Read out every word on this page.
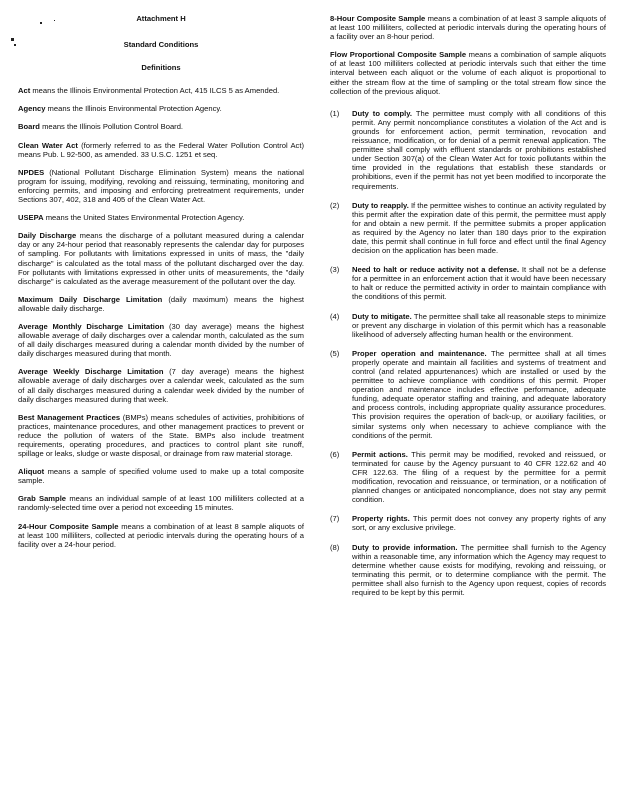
Attachment H
Standard Conditions
Definitions

Act means the Illinois Environmental Protection Act, 415 ILCS 5 as Amended.

Agency means the Illinois Environmental Protection Agency.

Board means the Illinois Pollution Control Board.

Clean Water Act (formerly referred to as the Federal Water Pollution Control Act) means Pub. L 92-500, as amended. 33 U.S.C. 1251 et seq.

NPDES (National Pollutant Discharge Elimination System) means the national program for issuing, modifying, revoking and reissuing, terminating, monitoring and enforcing permits, and imposing and enforcing pretreatment requirements, under Sections 307, 402, 318 and 405 of the Clean Water Act.

USEPA means the United States Environmental Protection Agency.

Daily Discharge means the discharge of a pollutant measured during a calendar day or any 24-hour period that reasonably represents the calendar day for purposes of sampling. For pollutants with limitations expressed in units of mass, the "daily discharge" is calculated as the total mass of the pollutant discharged over the day. For pollutants with limitations expressed in other units of measurements, the "daily discharge" is calculated as the average measurement of the pollutant over the day.

Maximum Daily Discharge Limitation (daily maximum) means the highest allowable daily discharge.

Average Monthly Discharge Limitation (30 day average) means the highest allowable average of daily discharges over a calendar month, calculated as the sum of all daily discharges measured during a calendar month divided by the number of daily discharges measured during that month.

Average Weekly Discharge Limitation (7 day average) means the highest allowable average of daily discharges over a calendar week, calculated as the sum of all daily discharges measured during a calendar week divided by the number of daily discharges measured during that week.

Best Management Practices (BMPs) means schedules of activities, prohibitions of practices, maintenance procedures, and other management practices to prevent or reduce the pollution of waters of the State. BMPs also include treatment requirements, operating procedures, and practices to control plant site runoff, spillage or leaks, sludge or waste disposal, or drainage from raw material storage.

Aliquot means a sample of specified volume used to make up a total composite sample.

Grab Sample means an individual sample of at least 100 milliliters collected at a randomly-selected time over a period not exceeding 15 minutes.

24-Hour Composite Sample means a combination of at least 8 sample aliquots of at least 100 milliliters, collected at periodic intervals during the operating hours of a facility over a 24-hour period.

8-Hour Composite Sample means a combination of at least 3 sample aliquots of at least 100 milliliters, collected at periodic intervals during the operating hours of a facility over an 8-hour period.

Flow Proportional Composite Sample means a combination of sample aliquots of at least 100 milliliters collected at periodic intervals such that either the time interval between each aliquot or the volume of each aliquot is proportional to either the stream flow at the time of sampling or the total stream flow since the collection of the previous aliquot.

(1)	Duty to comply. The permittee must comply with all conditions of this permit. Any permit noncompliance constitutes a violation of the Act and is grounds for enforcement action, permit termination, revocation and reissuance, modification, or for denial of a permit renewal application. The permittee shall comply with effluent standards or prohibitions established under Section 307(a) of the Clean Water Act for toxic pollutants within the time provided in the regulations that establish these standards or prohibitions, even if the permit has not yet been modified to incorporate the requirements.
(2)	Duty to reapply. If the permittee wishes to continue an activity regulated by this permit after the expiration date of this permit, the permittee must apply for and obtain a new permit. If the permittee submits a proper application as required by the Agency no later than 180 days prior to the expiration date, this permit shall continue in full force and effect until the final Agency decision on the application has been made.
(3)	Need to halt or reduce activity not a defense. It shall not be a defense for a permittee in an enforcement action that it would have been necessary to halt or reduce the permitted activity in order to maintain compliance with the conditions of this permit.
(4)	Duty to mitigate. The permittee shall take all reasonable steps to minimize or prevent any discharge in violation of this permit which has a reasonable likelihood of adversely affecting human health or the environment.
(5)	Proper operation and maintenance. The permittee shall at all times properly operate and maintain all facilities and systems of treatment and control (and related appurtenances) which are installed or used by the permittee to achieve compliance with conditions of this permit. Proper operation and maintenance includes effective performance, adequate funding, adequate operator staffing and training, and adequate laboratory and process controls, including appropriate quality assurance procedures. This provision requires the operation of back-up, or auxiliary facilities, or similar systems only when necessary to achieve compliance with the conditions of the permit.
(6)	Permit actions. This permit may be modified, revoked and reissued, or terminated for cause by the Agency pursuant to 40 CFR 122.62 and 40 CFR 122.63. The filing of a request by the permittee for a permit modification, revocation and reissuance, or termination, or a notification of planned changes or anticipated noncompliance, does not stay any permit condition.
(7)	Property rights. This permit does not convey any property rights of any sort, or any exclusive privilege.
(8)	Duty to provide information. The permittee shall furnish to the Agency within a reasonable time, any information which the Agency may request to determine whether cause exists for modifying, revoking and reissuing, or terminating this permit, or to determine compliance with the permit. The permittee shall also furnish to the Agency upon request, copies of records required to be kept by this permit.
